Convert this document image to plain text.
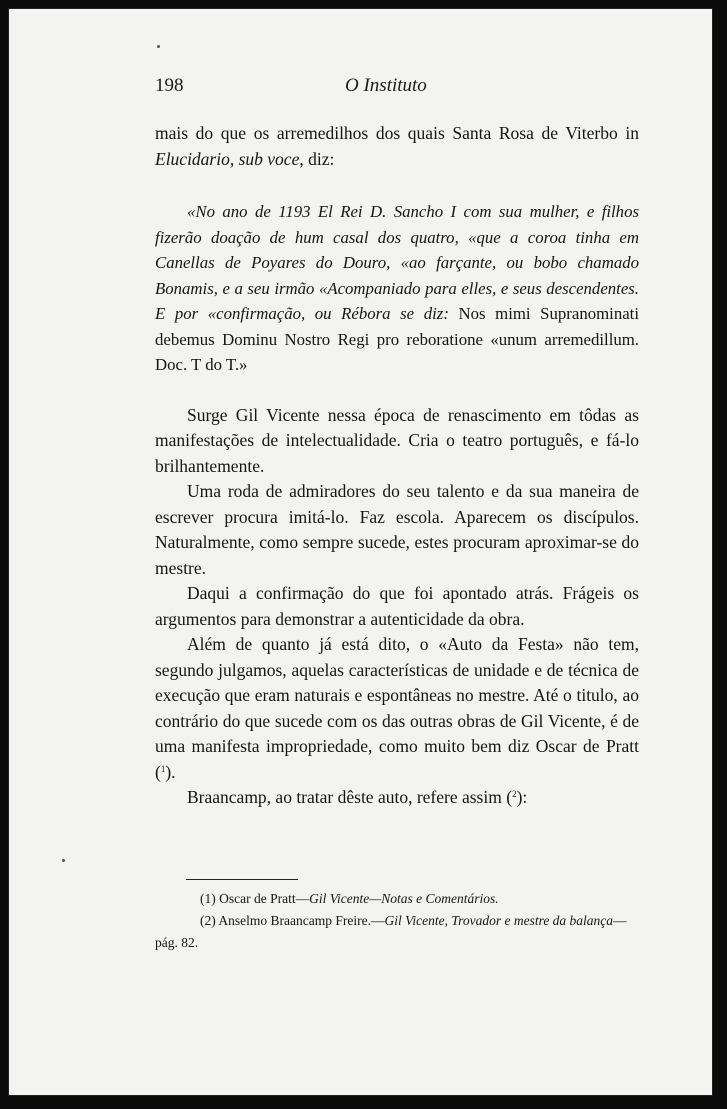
198	O Instituto

mais do que os arremedilhos dos quais Santa Rosa de Viterbo in Elucidario, sub voce, diz:

«No ano de 1193 El Rei D. Sancho I com sua mulher, e filhos fizerão doação de hum casal dos quatro, «que a coroa tinha em Canellas de Poyares do Douro, «ao farçante, ou bobo chamado Bonamis, e a seu irmão «Acompaniado para elles, e seus descendentes. E por «confirmação, ou Rébora se diz: Nos mimi Supranominati debemus Dominu Nostro Regi pro reboratione «unum arremedillum. Doc. T do T.»

Surge Gil Vicente nessa época de renascimento em tôdas as manifestações de intelectualidade. Cria o teatro português, e fá-lo brilhantemente.

Uma roda de admiradores do seu talento e da sua maneira de escrever procura imitá-lo. Faz escola. Aparecem os discípulos. Naturalmente, como sempre sucede, estes procuram aproximar-se do mestre.

Daqui a confirmação do que foi apontado atrás. Frágeis os argumentos para demonstrar a autenticidade da obra.

Além de quanto já está dito, o «Auto da Festa» não tem, segundo julgamos, aquelas características de unidade e de técnica de execução que eram naturais e espontâneas no mestre. Até o titulo, ao contrário do que sucede com os das outras obras de Gil Vicente, é de uma manifesta impropriedade, como muito bem diz Oscar de Pratt ($^1$).

Braancamp, ao tratar dêste auto, refere assim ($^2$):

(1) Oscar de Pratt—Gil Vicente—Notas e Comentários.

(2) Anselmo Braancamp Freire.—Gil Vicente, Trovador e mestre da balança—pág. 82.
